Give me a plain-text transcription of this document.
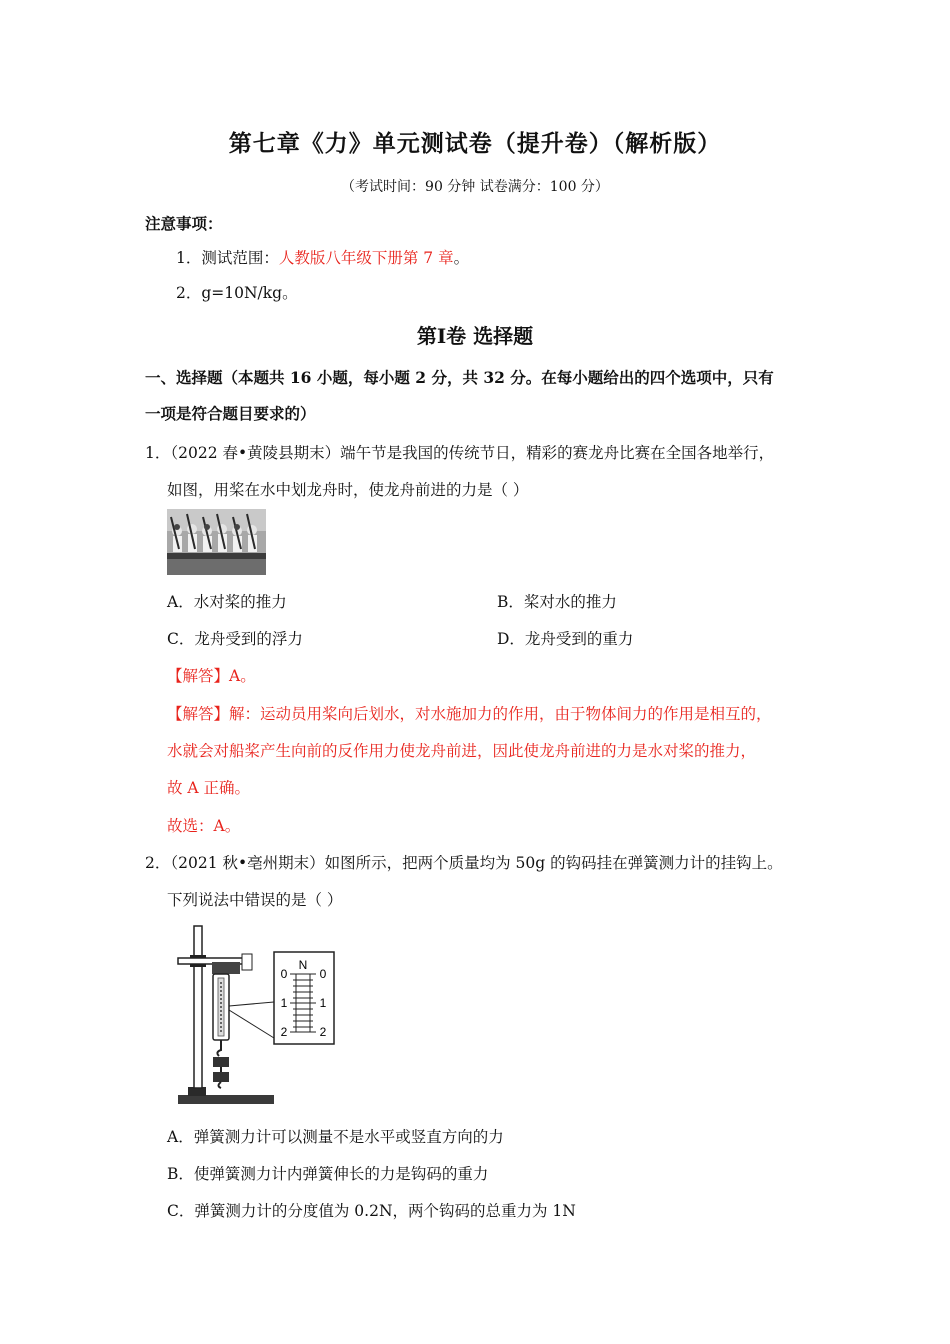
第七章《力》单元测试卷（提升卷）（解析版）
（考试时间：90 分钟 试卷满分：100 分）
注意事项：
1．测试范围：人教版八年级下册第 7 章。
2．g=10N/kg。
第Ⅰ卷 选择题
一、选择题（本题共 16 小题，每小题 2 分，共 32 分。在每小题给出的四个选项中，只有
一项是符合题目要求的）
1．（2022 春•黄陵县期末）端午节是我国的传统节日，精彩的赛龙舟比赛在全国各地举行，
如图，用桨在水中划龙舟时，使龙舟前进的力是（ ）
A．水对桨的推力	B．桨对水的推力
C．龙舟受到的浮力	D．龙舟受到的重力
【解答】A。
【解答】解：运动员用桨向后划水，对水施加力的作用，由于物体间力的作用是相互的，
水就会对船桨产生向前的反作用力使龙舟前进，因此使龙舟前进的力是水对桨的推力，
故 A 正确。
故选：A。
2．（2021 秋•亳州期末）如图所示，把两个质量均为 50g 的钩码挂在弹簧测力计的挂钩上。
下列说法中错误的是（ ）
N
0
1
2
0
1
2
A．弹簧测力计可以测量不是水平或竖直方向的力
B．使弹簧测力计内弹簧伸长的力是钩码的重力
C．弹簧测力计的分度值为 0.2N，两个钩码的总重力为 1N
